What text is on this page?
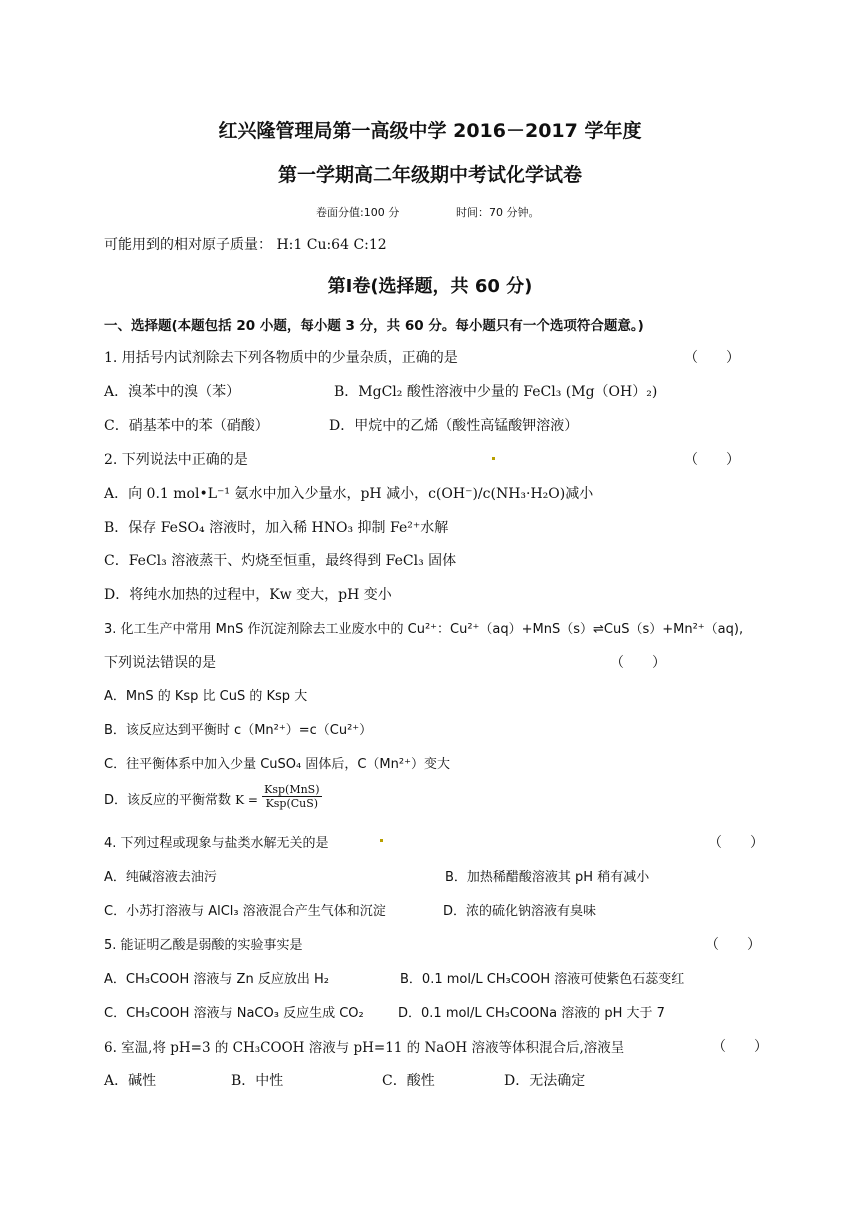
红兴隆管理局第一高级中学 2016－2017 学年度
第一学期高二年级期中考试化学试卷
卷面分值:100 分	时间：70 分钟。
可能用到的相对原子质量： H:1 Cu:64 C:12
第Ⅰ卷(选择题，共 60 分)
一、选择题(本题包括 20 小题，每小题 3 分，共 60 分。每小题只有一个选项符合题意。)
1. 用括号内试剂除去下列各物质中的少量杂质，正确的是	（　　）
A．溴苯中的溴（苯）	B．MgCl₂ 酸性溶液中少量的 FeCl₃ (Mg（OH）₂)
C．硝基苯中的苯（硝酸）	D．甲烷中的乙烯（酸性高锰酸钾溶液）
2. 下列说法中正确的是	（　　）
A．向 0.1 mol•L⁻¹ 氨水中加入少量水，pH 减小，c(OH⁻)/c(NH₃·H₂O)减小
B．保存 FeSO₄ 溶液时，加入稀 HNO₃ 抑制 Fe²⁺水解
C．FeCl₃ 溶液蒸干、灼烧至恒重，最终得到 FeCl₃ 固体
D．将纯水加热的过程中，Kw 变大，pH 变小
3. 化工生产中常用 MnS 作沉淀剂除去工业废水中的 Cu²⁺：Cu²⁺（aq）+MnS（s）⇌CuS（s）+Mn²⁺（aq),
下列说法错误的是	（　　）
A．MnS 的 Ksp 比 CuS 的 Ksp 大
B．该反应达到平衡时 c（Mn²⁺）=c（Cu²⁺）
C．往平衡体系中加入少量 CuSO₄ 固体后，C（Mn²⁺）变大
D．该反应的平衡常数 $K = \frac{\text{Ksp(MnS)}}{\text{Ksp(CuS)}}$
4. 下列过程或现象与盐类水解无关的是	（　　）
A．纯碱溶液去油污	B．加热稀醋酸溶液其 pH 稍有减小
C．小苏打溶液与 AlCl₃ 溶液混合产生气体和沉淀	D．浓的硫化钠溶液有臭味
5. 能证明乙酸是弱酸的实验事实是	（　　）
A．CH₃COOH 溶液与 Zn 反应放出 H₂	B．0.1 mol/L CH₃COOH 溶液可使紫色石蕊变红
C．CH₃COOH 溶液与 NaCO₃ 反应生成 CO₂	D．0.1 mol/L CH₃COONa 溶液的 pH 大于 7
6. 室温,将 pH=3 的 CH₃COOH 溶液与 pH=11 的 NaOH 溶液等体积混合后,溶液呈	（　　）
A．碱性	B．中性	C．酸性	D．无法确定
